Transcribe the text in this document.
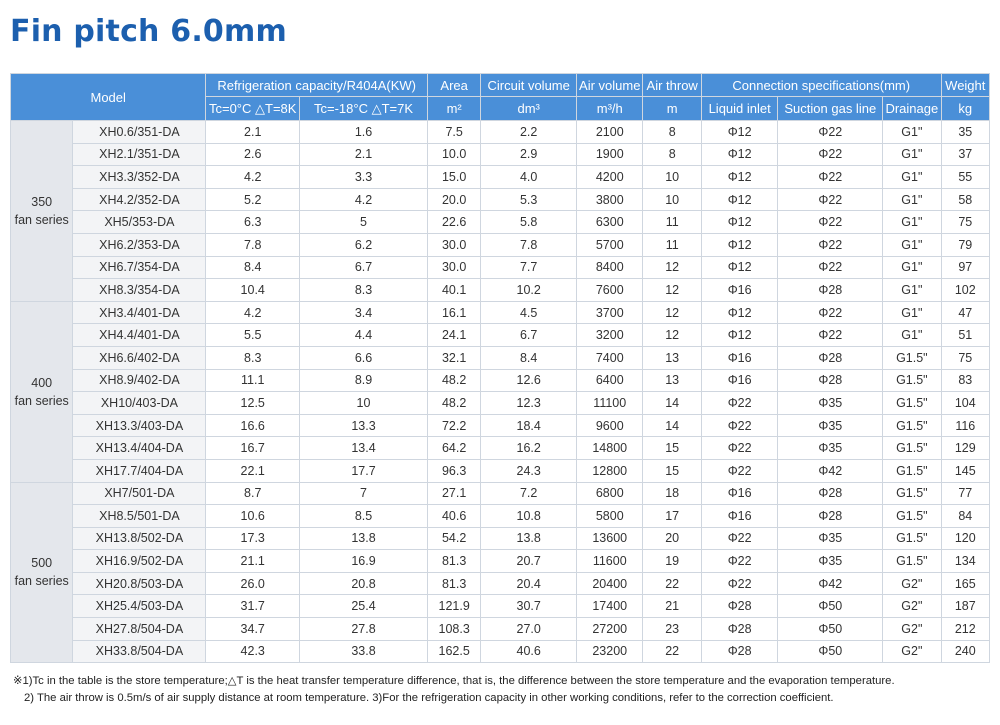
Fin pitch 6.0mm
Model		Refrigeration capacity/R404A(KW)		Area	Circuit volume	Air volume	Air throw	Connection specifications(mm)			Weight
		Tc=0°C △T=8K	Tc=-18°C △T=7K	m²	dm³	m³/h	m	Liquid inlet	Suction gas line	Drainage	kg

350
fan series	XH0.6/351-DA	2.1	1.6	7.5	2.2	2100	8	Φ12	Φ22	G1"	35
	XH2.1/351-DA	2.6	2.1	10.0	2.9	1900	8	Φ12	Φ22	G1"	37
	XH3.3/352-DA	4.2	3.3	15.0	4.0	4200	10	Φ12	Φ22	G1"	55
	XH4.2/352-DA	5.2	4.2	20.0	5.3	3800	10	Φ12	Φ22	G1"	58
	XH5/353-DA	6.3	5	22.6	5.8	6300	11	Φ12	Φ22	G1"	75
	XH6.2/353-DA	7.8	6.2	30.0	7.8	5700	11	Φ12	Φ22	G1"	79
	XH6.7/354-DA	8.4	6.7	30.0	7.7	8400	12	Φ12	Φ22	G1"	97
	XH8.3/354-DA	10.4	8.3	40.1	10.2	7600	12	Φ16	Φ28	G1"	102

400
fan series	XH3.4/401-DA	4.2	3.4	16.1	4.5	3700	12	Φ12	Φ22	G1"	47
	XH4.4/401-DA	5.5	4.4	24.1	6.7	3200	12	Φ12	Φ22	G1"	51
	XH6.6/402-DA	8.3	6.6	32.1	8.4	7400	13	Φ16	Φ28	G1.5"	75
	XH8.9/402-DA	11.1	8.9	48.2	12.6	6400	13	Φ16	Φ28	G1.5"	83
	XH10/403-DA	12.5	10	48.2	12.3	11100	14	Φ22	Φ35	G1.5"	104
	XH13.3/403-DA	16.6	13.3	72.2	18.4	9600	14	Φ22	Φ35	G1.5"	116
	XH13.4/404-DA	16.7	13.4	64.2	16.2	14800	15	Φ22	Φ35	G1.5"	129
	XH17.7/404-DA	22.1	17.7	96.3	24.3	12800	15	Φ22	Φ42	G1.5"	145

500
fan series	XH7/501-DA	8.7	7	27.1	7.2	6800	18	Φ16	Φ28	G1.5"	77
	XH8.5/501-DA	10.6	8.5	40.6	10.8	5800	17	Φ16	Φ28	G1.5"	84
	XH13.8/502-DA	17.3	13.8	54.2	13.8	13600	20	Φ22	Φ35	G1.5"	120
	XH16.9/502-DA	21.1	16.9	81.3	20.7	11600	19	Φ22	Φ35	G1.5"	134
	XH20.8/503-DA	26.0	20.8	81.3	20.4	20400	22	Φ22	Φ42	G2"	165
	XH25.4/503-DA	31.7	25.4	121.9	30.7	17400	21	Φ28	Φ50	G2"	187
	XH27.8/504-DA	34.7	27.8	108.3	27.0	27200	23	Φ28	Φ50	G2"	212
	XH33.8/504-DA	42.3	33.8	162.5	40.6	23200	22	Φ28	Φ50	G2"	240
※1)Tc in the table is the store temperature;△T is the heat transfer temperature difference, that is, the difference between the store temperature and the evaporation temperature.
2) The air throw is 0.5m/s of air supply distance at room temperature. 3)For the refrigeration capacity in other working conditions, refer to the correction coefficient.
